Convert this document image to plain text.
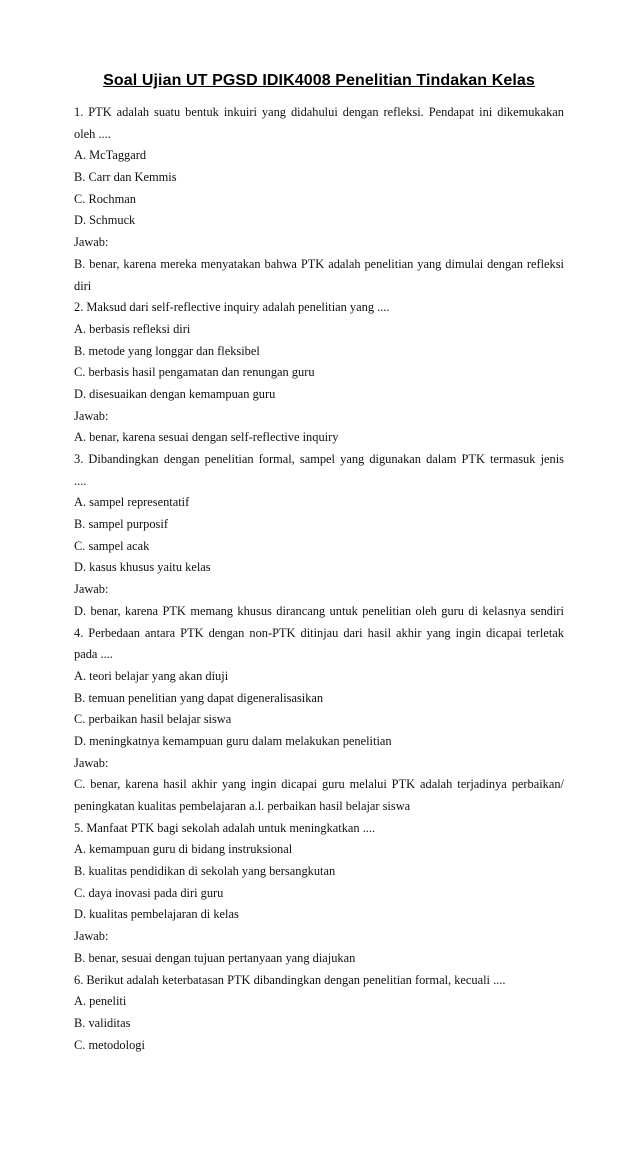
Soal Ujian UT PGSD IDIK4008 Penelitian Tindakan Kelas
1. PTK adalah suatu bentuk inkuiri yang didahului dengan refleksi. Pendapat ini dikemukakan
oleh ....
A. McTaggard
B. Carr dan Kemmis
C. Rochman
D. Schmuck
Jawab:
B. benar, karena mereka menyatakan bahwa PTK adalah penelitian yang dimulai dengan refleksi
diri
2. Maksud dari self-reflective inquiry adalah penelitian yang ....
A. berbasis refleksi diri
B. metode yang longgar dan fleksibel
C. berbasis hasil pengamatan dan renungan guru
D. disesuaikan dengan kemampuan guru
Jawab:
A. benar, karena sesuai dengan self-reflective inquiry
3. Dibandingkan dengan penelitian formal, sampel yang digunakan dalam PTK termasuk jenis
....
A. sampel representatif
B. sampel purposif
C. sampel acak
D. kasus khusus yaitu kelas
Jawab:
D. benar, karena PTK memang khusus dirancang untuk penelitian oleh guru di kelasnya sendiri
4. Perbedaan antara PTK dengan non-PTK ditinjau dari hasil akhir yang ingin dicapai terletak
pada ....
A. teori belajar yang akan diuji
B. temuan penelitian yang dapat digeneralisasikan
C. perbaikan hasil belajar siswa
D. meningkatnya kemampuan guru dalam melakukan penelitian
Jawab:
C. benar, karena hasil akhir yang ingin dicapai guru melalui PTK adalah terjadinya perbaikan/
peningkatan kualitas pembelajaran a.l. perbaikan hasil belajar siswa
5. Manfaat PTK bagi sekolah adalah untuk meningkatkan ....
A. kemampuan guru di bidang instruksional
B. kualitas pendidikan di sekolah yang bersangkutan
C. daya inovasi pada diri guru
D. kualitas pembelajaran di kelas
Jawab:
B. benar, sesuai dengan tujuan pertanyaan yang diajukan
6. Berikut adalah keterbatasan PTK dibandingkan dengan penelitian formal, kecuali ....
A. peneliti
B. validitas
C. metodologi
